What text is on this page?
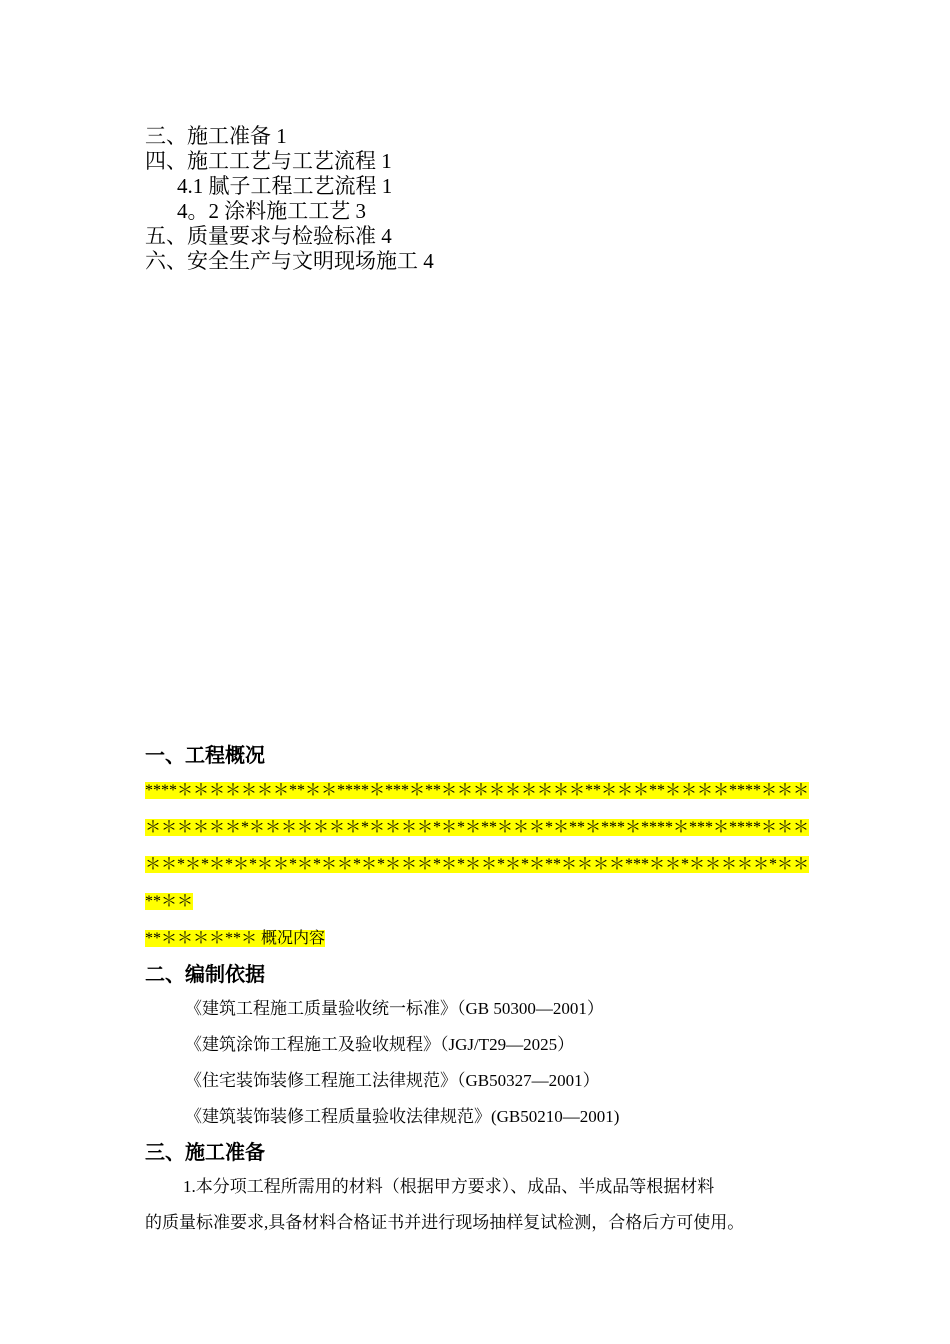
三、施工准备 1
四、施工工艺与工艺流程 1
4.1 腻子工程工艺流程 1
4。2 涂料施工工艺 3
五、质量要求与检验标准 4
六、安全生产与文明现场施工 4
一、工程概况
****＊＊＊＊＊＊＊**＊＊****＊***＊**＊＊＊＊＊＊＊＊＊**＊＊＊**＊＊＊＊****＊＊＊
＊＊＊＊＊＊*＊＊＊＊＊＊＊*＊＊＊＊*＊*＊**＊＊＊*＊**＊***＊****＊***＊****＊＊＊
＊＊*＊*＊*＊*＊＊*＊*＊＊*＊*＊＊＊*＊*＊＊*＊*＊**＊＊＊＊***＊＊*＊＊＊＊＊*＊＊**＊＊
**＊＊＊＊**＊ 概况内容
二、编制依据
《建筑工程施工质量验收统一标准》（GB 50300—2001）
《建筑涂饰工程施工及验收规程》（JGJ/T29—2025）
《住宅装饰装修工程施工法律规范》（GB50327—2001）
《建筑装饰装修工程质量验收法律规范》(GB50210—2001)
三、施工准备
1.本分项工程所需用的材料（根据甲方要求）、成品、半成品等根据材料
的质量标准要求,具备材料合格证书并进行现场抽样复试检测，合格后方可使用。
